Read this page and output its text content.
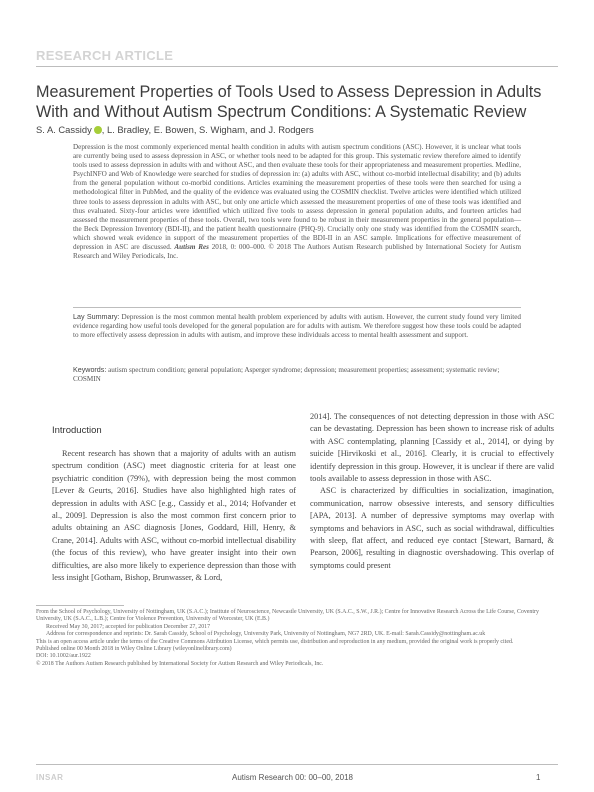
RESEARCH ARTICLE
Measurement Properties of Tools Used to Assess Depression in Adults With and Without Autism Spectrum Conditions: A Systematic Review
S. A. Cassidy , L. Bradley, E. Bowen, S. Wigham, and J. Rodgers

Depression is the most commonly experienced mental health condition in adults with autism spectrum conditions (ASC). However, it is unclear what tools are currently being used to assess depression in ASC, or whether tools need to be adapted for this group. This systematic review therefore aimed to identify tools used to assess depression in adults with and without ASC, and then evaluate these tools for their appropriateness and measurement properties. Medline, PsychINFO and Web of Knowledge were searched for studies of depression in: (a) adults with ASC, without co-morbid intellectual disability; and (b) adults from the general population without co-morbid conditions. Articles examining the measurement properties of these tools were then searched for using a methodological filter in PubMed, and the quality of the evidence was evaluated using the COSMIN checklist. Twelve articles were identified which utilized three tools to assess depression in adults with ASC, but only one article which assessed the measurement properties of one of these tools was identified and thus evaluated. Sixty-four articles were identified which utilized five tools to assess depression in general population adults, and fourteen articles had assessed the measurement properties of these tools. Overall, two tools were found to be robust in their measurement properties in the general population—the Beck Depression Inventory (BDI-II), and the patient health questionnaire (PHQ-9). Crucially only one study was identified from the COSMIN search, which showed weak evidence in support of the measurement properties of the BDI-II in an ASC sample. Implications for effective measurement of depression in ASC are discussed. Autism Res 2018, 0: 000–000. © 2018 The Authors Autism Research published by International Society for Autism Research and Wiley Periodicals, Inc.

Lay Summary: Depression is the most common mental health problem experienced by adults with autism. However, the current study found very limited evidence regarding how useful tools developed for the general population are for adults with autism. We therefore suggest how these tools could be adapted to more effectively assess depression in adults with autism, and improve these individuals access to mental health assessment and support.

Keywords: autism spectrum condition; general population; Asperger syndrome; depression; measurement properties; assessment; systematic review; COSMIN

Introduction

Recent research has shown that a majority of adults with an autism spectrum condition (ASC) meet diagnostic criteria for at least one psychiatric condition (79%), with depression being the most common [Lever & Geurts, 2016]. Studies have also highlighted high rates of depression in adults with ASC [e.g., Cassidy et al., 2014; Hofvander et al., 2009]. Depression is also the most common first concern prior to adults obtaining an ASC diagnosis [Jones, Goddard, Hill, Henry, & Crane, 2014]. Adults with ASC, without co-morbid intellectual disability (the focus of this review), who have greater insight into their own difficulties, are also more likely to experience depression than those with less insight [Gotham, Bishop, Brunwasser, & Lord,

2014]. The consequences of not detecting depression in those with ASC can be devastating. Depression has been shown to increase risk of adults with ASC contemplating, planning [Cassidy et al., 2014], or dying by suicide [Hirvikoski et al., 2016]. Clearly, it is crucial to effectively identify depression in this group. However, it is unclear if there are valid tools available to assess depression in those with ASC.

ASC is characterized by difficulties in socialization, imagination, communication, narrow obsessive interests, and sensory difficulties [APA, 2013]. A number of depressive symptoms may overlap with symptoms and behaviors in ASC, such as social withdrawal, difficulties with sleep, flat affect, and reduced eye contact [Stewart, Barnard, & Pearson, 2006], resulting in diagnostic overshadowing. This overlap of symptoms could present

From the School of Psychology, University of Nottingham, UK (S.A.C.); Institute of Neuroscience, Newcastle University, UK (S.A.C., S.W., J.R.); Centre for Innovative Research Across the Life Course, Coventry University, UK (S.A.C., L.B.); Centre for Violence Prevention, University of Worcester, UK (E.B.)
Received May 30, 2017; accepted for publication December 27, 2017
Address for correspondence and reprints: Dr. Sarah Cassidy, School of Psychology, University Park, University of Nottingham, NG7 2RD, UK. E-mail: Sarah.Cassidy@nottingham.ac.uk
This is an open access article under the terms of the Creative Commons Attribution License, which permits use, distribution and reproduction in any medium, provided the original work is properly cited.
Published online 00 Month 2018 in Wiley Online Library (wileyonlinelibrary.com)
DOI: 10.1002/aur.1922
© 2018 The Authors Autism Research published by International Society for Autism Research and Wiley Periodicals, Inc.
INSAR	Autism Research 00: 00–00, 2018	1
